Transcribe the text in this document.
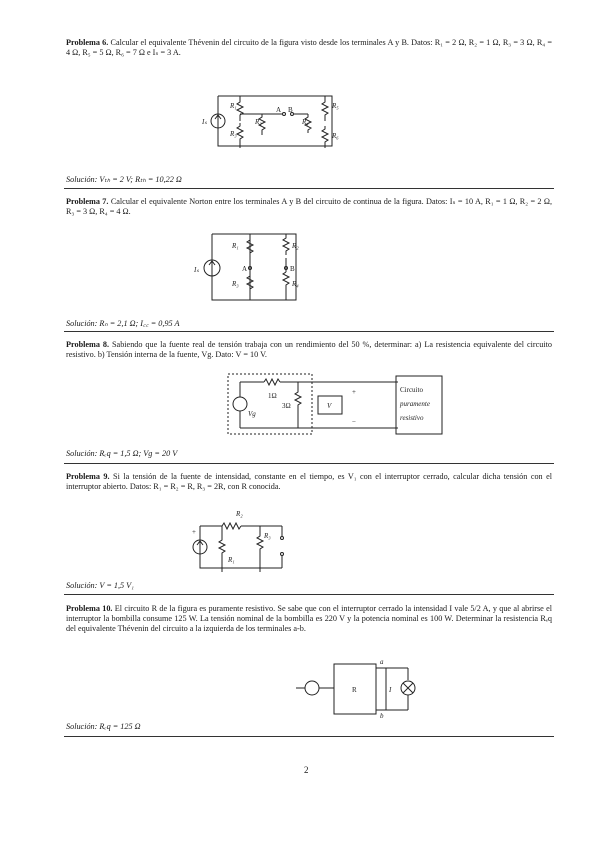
Problema 6. Calcular el equivalente Thévenin del circuito de la figura visto desde los terminales A y B. Datos: R₁ = 2 Ω, R₂ = 1 Ω, R₃ = 3 Ω, R₄ = 4 Ω, R₅ = 5 Ω, R₆ = 7 Ω e Iₛ = 3 A.

Iₛ
R₁
R₂
R₃
A B
R₄
R₅
R₆
Solución: Vₜₕ = 2 V; Rₜₕ = 10,22 Ω

Problema 7. Calcular el equivalente Norton entre los terminales A y B del circuito de continua de la figura. Datos: Iₛ = 10 A, R₁ = 1 Ω, R₂ = 2 Ω, R₃ = 3 Ω, R₄ = 4 Ω.

Iₛ
R₁	R₂
A	B
R₃	R₄
Solución: Rₙ = 2,1 Ω; I꜀꜀ = 0,95 A

Problema 8. Sabiendo que la fuente real de tensión trabaja con un rendimiento del 50 %, determinar: a) La resistencia equivalente del circuito resistivo. b) Tensión interna de la fuente, Vg. Dato: V = 10 V.

1Ω
Vg
3Ω	V
+
−
Circuito
puramente
resistivo
Solución: Rₑq = 1,5 Ω; Vg = 20 V

Problema 9. Si la tensión de la fuente de intensidad, constante en el tiempo, es V₁ con el interruptor cerrado, calcular dicha tensión con el interruptor abierto. Datos: R₁ = R₂ = R, R₃ = 2R, con R conocida.

R₂
R₃
R₁
+
Solución: V = 1,5 V₁

Problema 10. El circuito R de la figura es puramente resistivo. Se sabe que con el interruptor cerrado la intensidad I vale 5/2 A, y que al abrirse el interruptor la bombilla consume 125 W. La tensión nominal de la bombilla es 220 V y la potencia nominal es 100 W. Determinar la resistencia Rₑq del equivalente Thévenin del circuito a la izquierda de los terminales a-b.

R
a
b
I
Solución: Rₑq = 125 Ω
2
